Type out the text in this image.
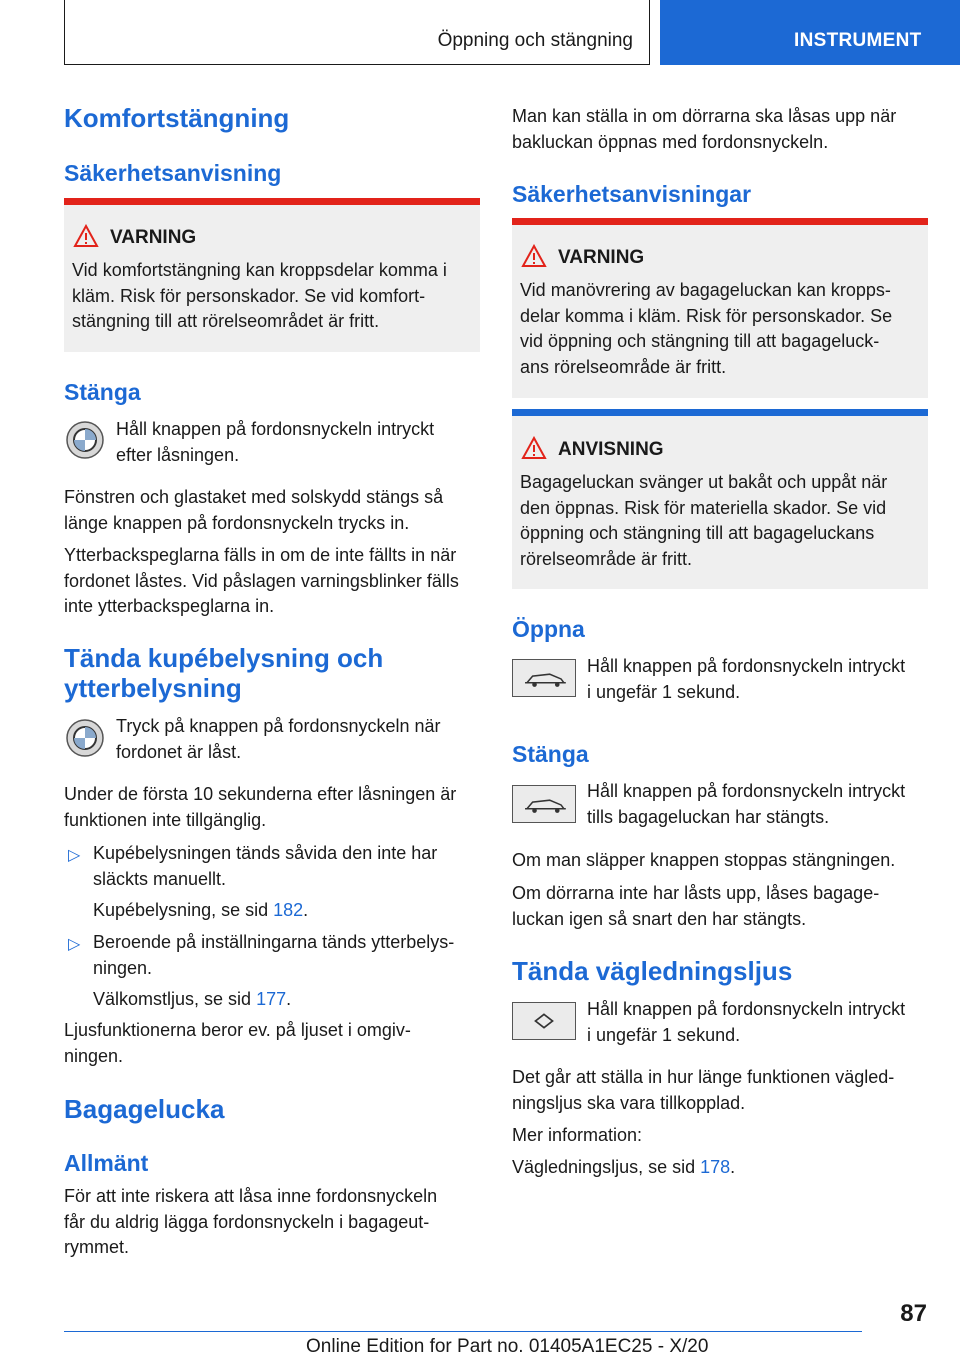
Öppning och stängning	INSTRUMENT
Komfortstängning
Säkerhetsanvisning
VARNING
Vid komfortstängning kan kroppsdelar komma i
kläm. Risk för personskador. Se vid komfort‐
stängning till att rörelseområdet är fritt.
Stänga
Håll knappen på fordonsnyckeln intryckt
efter låsningen.
Fönstren och glastaket med solskydd stängs så
länge knappen på fordonsnyckeln trycks in.
Ytterbackspeglarna fälls in om de inte fällts in när
fordonet låstes. Vid påslagen varningsblinker fälls
inte ytterbackspeglarna in.
Tända kupébelysning och
ytterbelysning
Tryck på knappen på fordonsnyckeln när
fordonet är låst.
Under de första 10 sekunderna efter låsningen är
funktionen inte tillgänglig.
▷ Kupébelysningen tänds såvida den inte har
släckts manuellt.
Kupébelysning, se sid 182.
▷ Beroende på inställningarna tänds ytterbelys‐
ningen.
Välkomstljus, se sid 177.
Ljusfunktionerna beror ev. på ljuset i omgiv‐
ningen.
Bagagelucka
Allmänt
För att inte riskera att låsa inne fordonsnyckeln
får du aldrig lägga fordonsnyckeln i bagageut‐
rymmet.
Man kan ställa in om dörrarna ska låsas upp när
bakluckan öppnas med fordonsnyckeln.
Säkerhetsanvisningar
VARNING
Vid manövrering av bagageluckan kan kropps‐
delar komma i kläm. Risk för personskador. Se
vid öppning och stängning till att bagageluck‐
ans rörelseområde är fritt.
ANVISNING
Bagageluckan svänger ut bakåt och uppåt när
den öppnas. Risk för materiella skador. Se vid
öppning och stängning till att bagageluckans
rörelseområde är fritt.
Öppna
Håll knappen på fordonsnyckeln intryckt
i ungefär 1 sekund.
Stänga
Håll knappen på fordonsnyckeln intryckt
tills bagageluckan har stängts.
Om man släpper knappen stoppas stängningen.
Om dörrarna inte har låsts upp, låses bagage‐
luckan igen så snart den har stängts.
Tända vägledningsljus
Håll knappen på fordonsnyckeln intryckt
i ungefär 1 sekund.
Det går att ställa in hur länge funktionen vägled‐
ningsljus ska vara tillkopplad.
Mer information:
Vägledningsljus, se sid 178.
87
Online Edition for Part no. 01405A1EC25 - X/20
